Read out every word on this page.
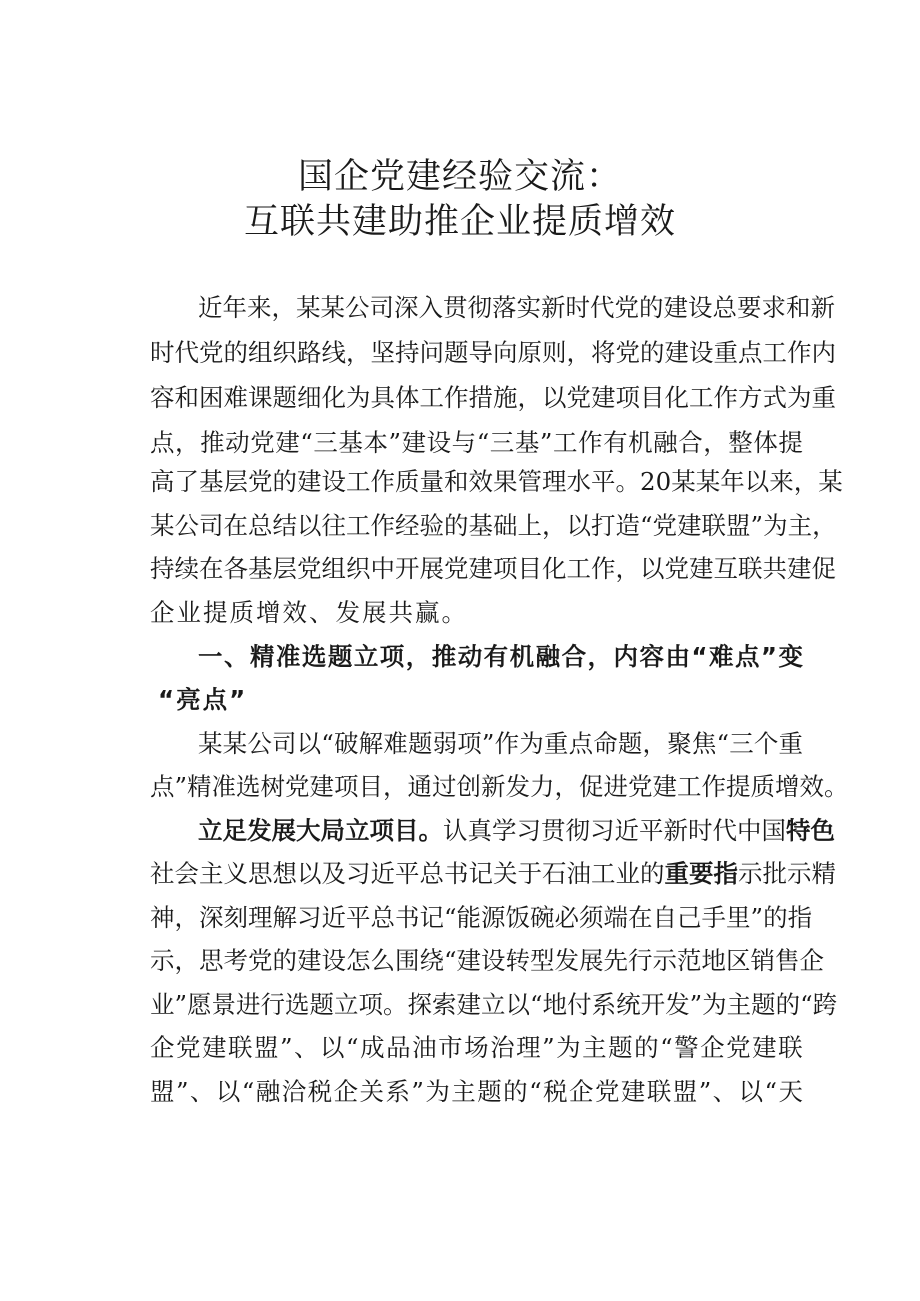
国企党建经验交流：
互联共建助推企业提质增效
近 年 来 ， 某 某 公 司 深 入 贯 彻 落 实 新 时 代 党 的 建 设 总 要 求 和 新
时 代 党 的 组 织 路 线 ， 坚 持 问 题 导 向 原 则 ， 将 党 的 建 设 重 点 工 作 内
容 和 困 难 课 题 细 化 为 具 体 工 作 措 施 ， 以 党 建 项 目 化 工 作 方 式 为 重
点 ， 推 动 党 建 “ 三 基 本 ” 建 设 与 “ 三 基 ” 工 作 有 机 融 合 ， 整 体 提
高 了 基 层 党 的 建 设 工 作 质 量 和 效 果 管 理 水 平 。 2 0 某 某 年 以 来 ， 某
某 公 司 在 总 结 以 往 工 作 经 验 的 基 础 上 ， 以 打 造 “ 党 建 联 盟 ” 为 主 ，
持 续 在 各 基 层 党 组 织 中 开 展 党 建 项 目 化 工 作 ， 以 党 建 互 联 共 建 促
企业提质增效、发展共赢。
一 、 精 准 选 题 立 项 ， 推 动 有 机 融 合 ， 内 容 由 “ 难 点 ” 变
“亮点”
某 某 公 司 以 “ 破 解 难 题 弱 项 ” 作 为 重 点 命 题 ， 聚 焦 “ 三 个 重
点 ” 精 准 选 树 党 建 项 目 ， 通 过 创 新 发 力 ， 促 进 党 建 工 作 提 质 增 效 。
立 足 发 展 大 局 立 项 目 。 认 真 学 习 贯 彻 习 近 平 新 时 代 中 国 特 色
社 会 主 义 思 想 以 及 习 近 平 总 书 记 关 于 石 油 工 业 的 重 要 指 示 批 示 精
神 ， 深 刻 理 解 习 近 平 总 书 记 “ 能 源 饭 碗 必 须 端 在 自 己 手 里 ” 的 指
示 ， 思 考 党 的 建 设 怎 么 围 绕 “ 建 设 转 型 发 展 先 行 示 范 地 区 销 售 企
业 ” 愿 景 进 行 选 题 立 项 。 探 索 建 立 以 “ 地 付 系 统 开 发 ” 为 主 题 的 “ 跨
企 党 建 联 盟 ” 、 以 “ 成 品 油 市 场 治 理 ” 为 主 题 的 “ 警 企 党 建 联
盟 ” 、 以 “ 融 洽 税 企 关 系 ” 为 主 题 的 “ 税 企 党 建 联 盟 ” 、 以 “ 天
